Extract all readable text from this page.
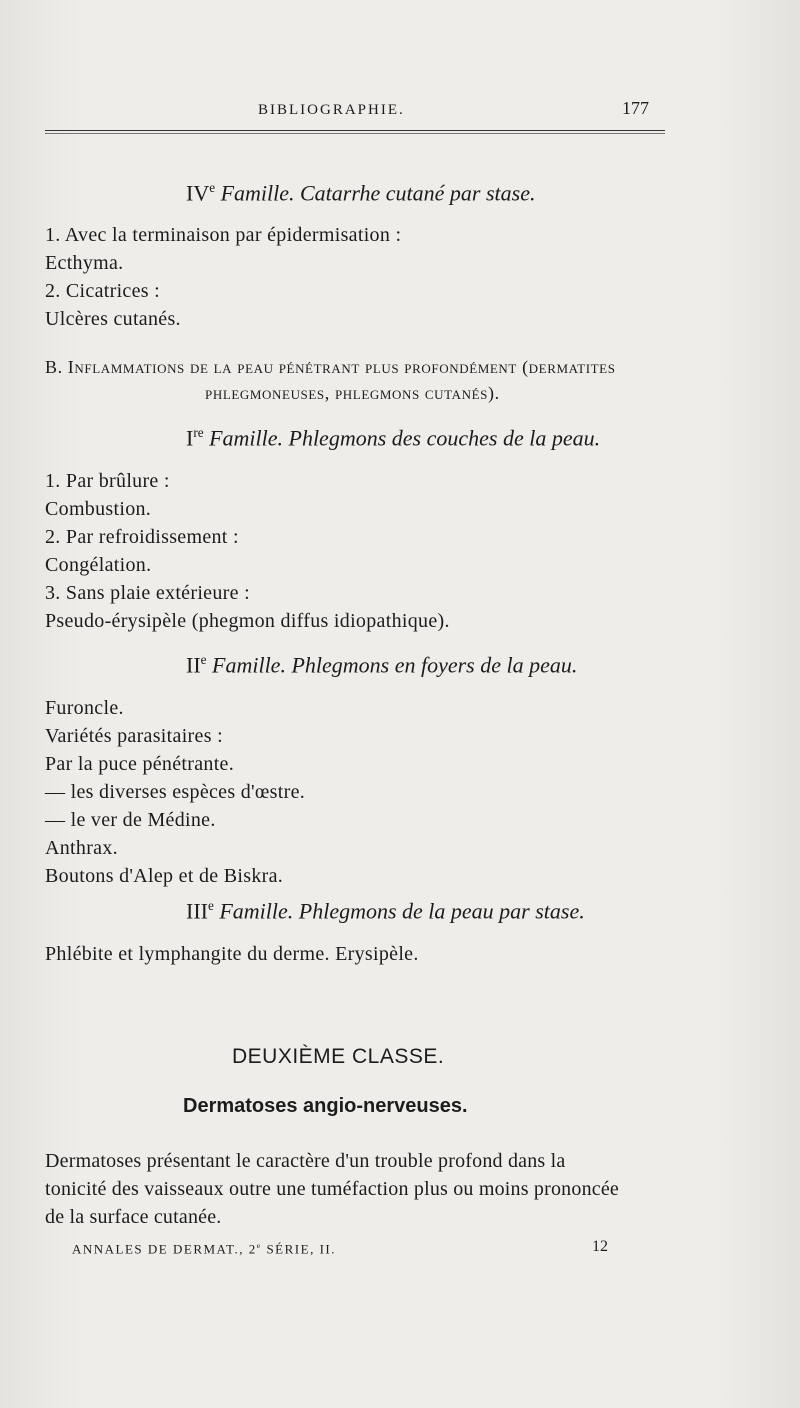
BIBLIOGRAPHIE.	177
IVe Famille. Catarrhe cutané par stase.
1. Avec la terminaison par épidermisation :
Ecthyma.
2. Cicatrices :
Ulcères cutanés.
B. Inflammations de la peau pénétrant plus profondément (dermatites
phlegmoneuses, phlegmons cutanés).
Ire Famille. Phlegmons des couches de la peau.
1. Par brûlure :
Combustion.
2. Par refroidissement :
Congélation.
3. Sans plaie extérieure :
Pseudo-érysipèle (phegmon diffus idiopathique).
IIe Famille. Phlegmons en foyers de la peau.
Furoncle.
Variétés parasitaires :
Par la puce pénétrante.
— les diverses espèces d'œstre.
— le ver de Médine.
Anthrax.
Boutons d'Alep et de Biskra.
IIIe Famille. Phlegmons de la peau par stase.
Phlébite et lymphangite du derme. Erysipèle.
DEUXIÈME CLASSE.
Dermatoses angio-nerveuses.
Dermatoses présentant le caractère d'un trouble profond dans la
tonicité des vaisseaux outre une tuméfaction plus ou moins prononcée
de la surface cutanée.
ANNALES DE DERMAT., 2e SÉRIE, II.	12
